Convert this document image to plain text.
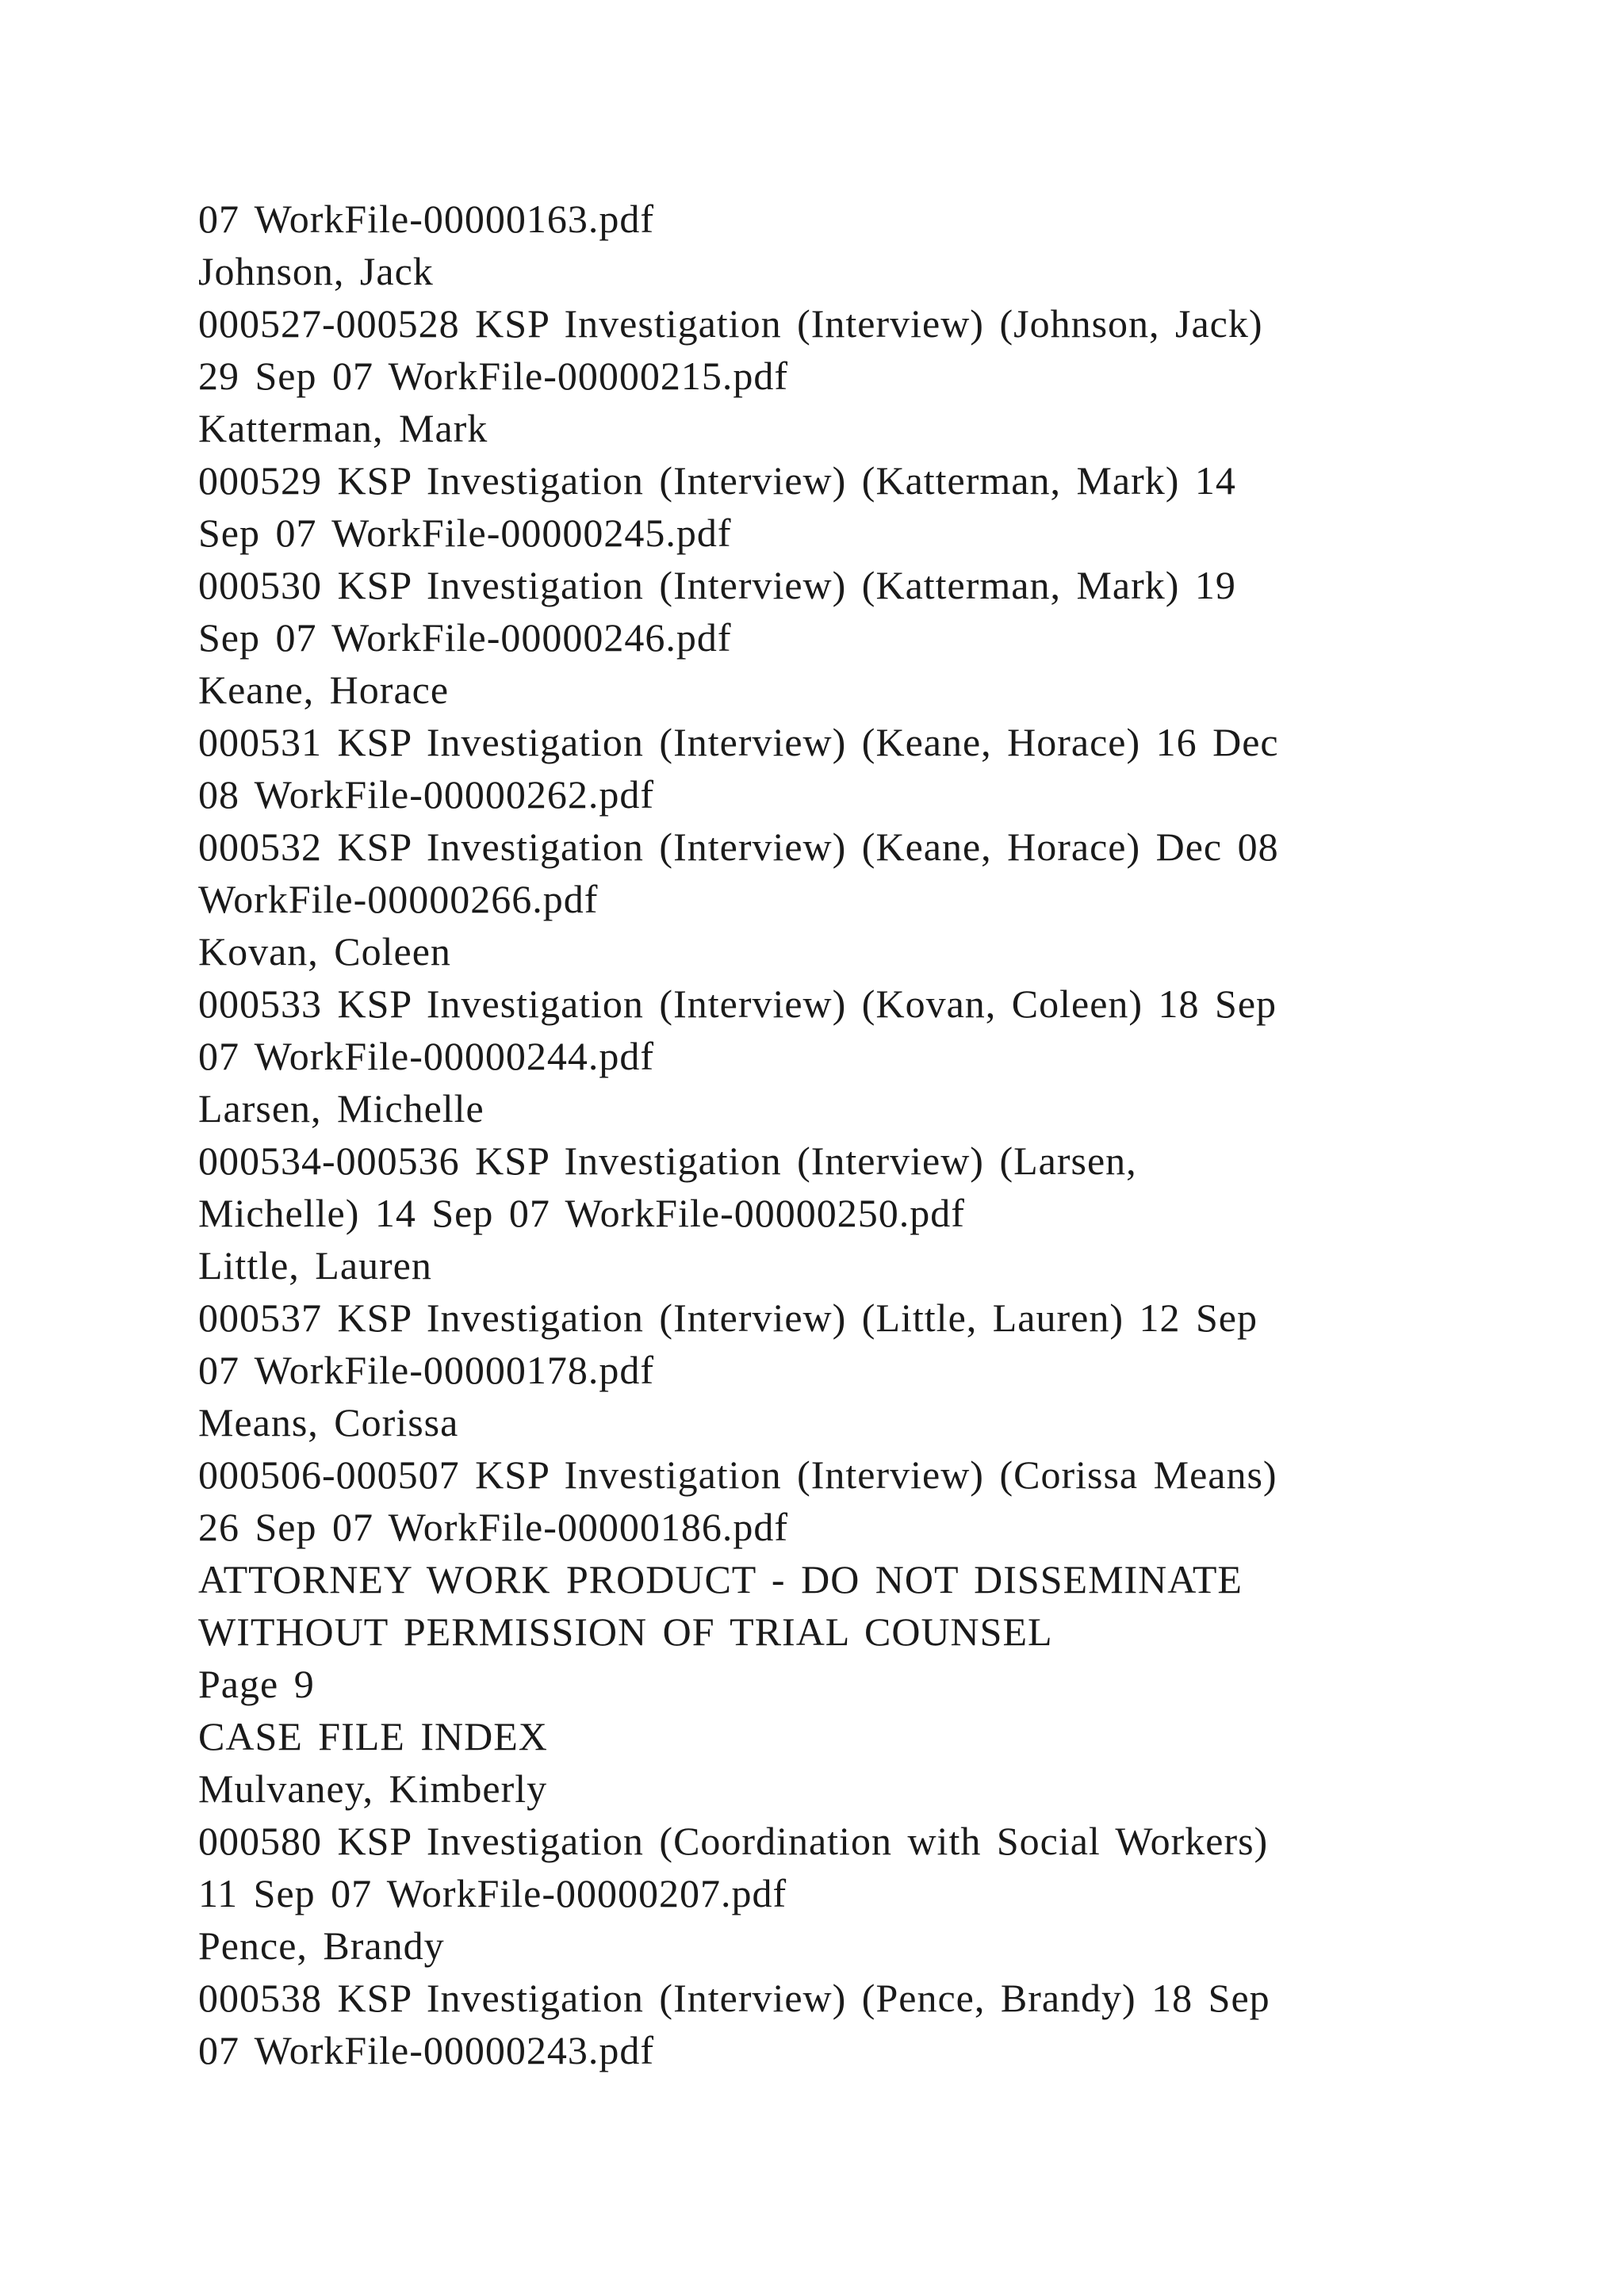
07 WorkFile-00000163.pdf
Johnson, Jack
000527-000528 KSP Investigation (Interview) (Johnson, Jack)
29 Sep 07 WorkFile-00000215.pdf
Katterman, Mark
000529 KSP Investigation (Interview) (Katterman, Mark) 14
Sep 07 WorkFile-00000245.pdf
000530 KSP Investigation (Interview) (Katterman, Mark) 19
Sep 07 WorkFile-00000246.pdf
Keane, Horace
000531 KSP Investigation (Interview) (Keane, Horace) 16 Dec
08 WorkFile-00000262.pdf
000532 KSP Investigation (Interview) (Keane, Horace) Dec 08
WorkFile-00000266.pdf
Kovan, Coleen
000533 KSP Investigation (Interview) (Kovan, Coleen) 18 Sep
07 WorkFile-00000244.pdf
Larsen, Michelle
000534-000536 KSP Investigation (Interview) (Larsen,
Michelle) 14 Sep 07 WorkFile-00000250.pdf
Little, Lauren
000537 KSP Investigation (Interview) (Little, Lauren) 12 Sep
07 WorkFile-00000178.pdf
Means, Corissa
000506-000507 KSP Investigation (Interview) (Corissa Means)
26 Sep 07 WorkFile-00000186.pdf
ATTORNEY WORK PRODUCT - DO NOT DISSEMINATE
WITHOUT PERMISSION OF TRIAL COUNSEL
Page 9
CASE FILE INDEX
Mulvaney, Kimberly
000580 KSP Investigation (Coordination with Social Workers)
11 Sep 07 WorkFile-00000207.pdf
Pence, Brandy
000538 KSP Investigation (Interview) (Pence, Brandy) 18 Sep
07 WorkFile-00000243.pdf
